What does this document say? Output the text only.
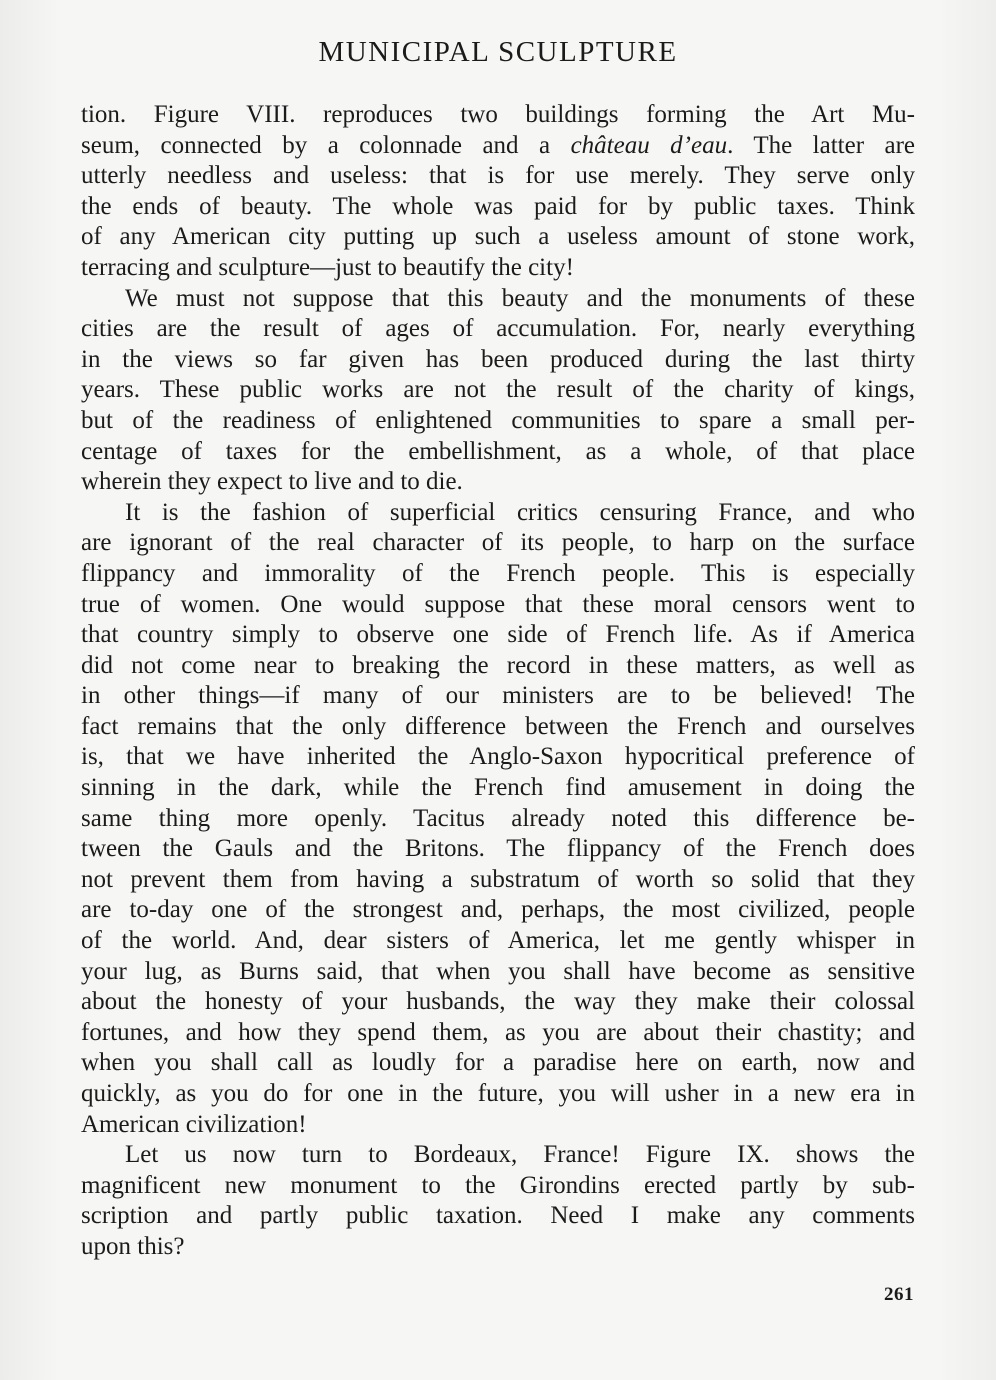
MUNICIPAL SCULPTURE

tion. Figure VIII. reproduces two buildings forming the Art Mu-
seum, connected by a colonnade and a château d’eau. The latter are
utterly needless and useless: that is for use merely. They serve only
the ends of beauty. The whole was paid for by public taxes. Think
of any American city putting up such a useless amount of stone work,
terracing and sculpture—just to beautify the city!

We must not suppose that this beauty and the monuments of these
cities are the result of ages of accumulation. For, nearly everything
in the views so far given has been produced during the last thirty
years. These public works are not the result of the charity of kings,
but of the readiness of enlightened communities to spare a small per-
centage of taxes for the embellishment, as a whole, of that place
wherein they expect to live and to die.

It is the fashion of superficial critics censuring France, and who
are ignorant of the real character of its people, to harp on the surface
flippancy and immorality of the French people. This is especially
true of women. One would suppose that these moral censors went to
that country simply to observe one side of French life. As if America
did not come near to breaking the record in these matters, as well as
in other things—if many of our ministers are to be believed! The
fact remains that the only difference between the French and ourselves
is, that we have inherited the Anglo-Saxon hypocritical preference of
sinning in the dark, while the French find amusement in doing the
same thing more openly. Tacitus already noted this difference be-
tween the Gauls and the Britons. The flippancy of the French does
not prevent them from having a substratum of worth so solid that they
are to-day one of the strongest and, perhaps, the most civilized, people
of the world. And, dear sisters of America, let me gently whisper in
your lug, as Burns said, that when you shall have become as sensitive
about the honesty of your husbands, the way they make their colossal
fortunes, and how they spend them, as you are about their chastity; and
when you shall call as loudly for a paradise here on earth, now and
quickly, as you do for one in the future, you will usher in a new era in
American civilization!

Let us now turn to Bordeaux, France! Figure IX. shows the
magnificent new monument to the Girondins erected partly by sub-
scription and partly public taxation. Need I make any comments
upon this?

261
